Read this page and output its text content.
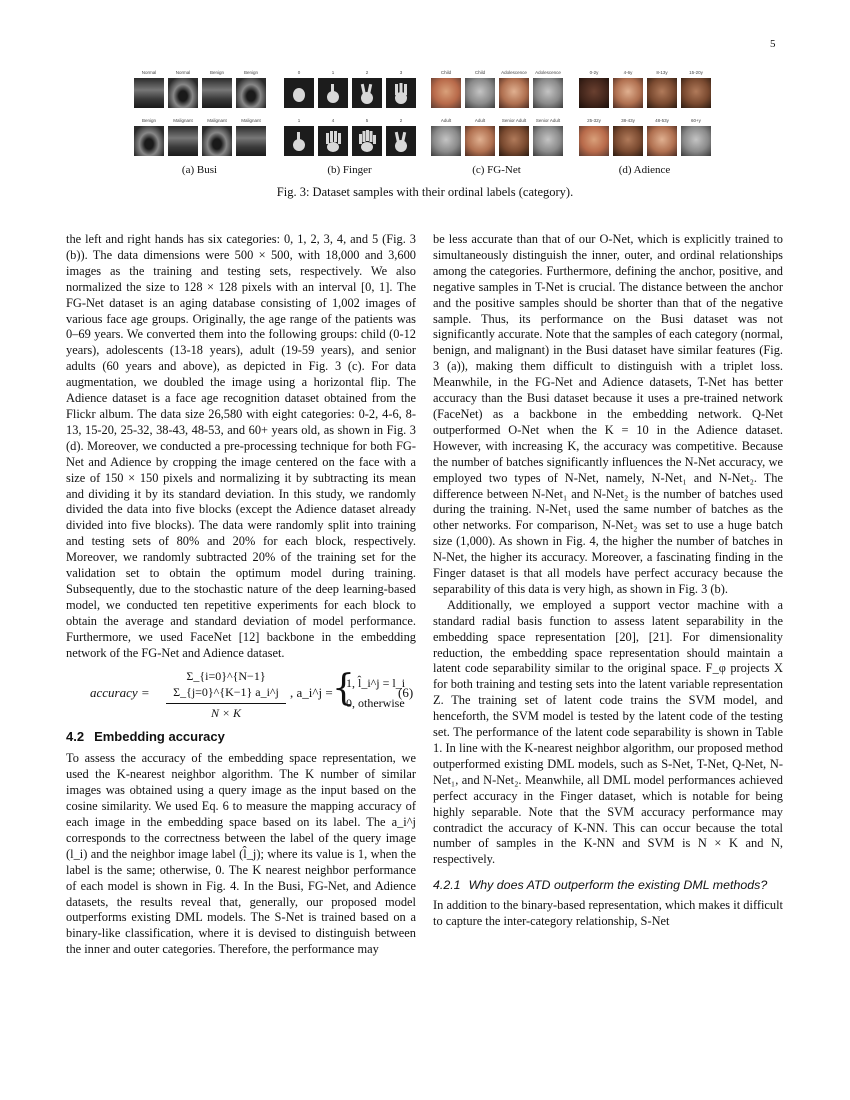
5
Normal	Normal	Benign	Benign
Benign	Malignant	Malignant	Malignant
(a) Busi
0	1	2	3
1	4	5	2
(b) Finger
Child	Child	Adolescence	Adolescence
Adult	Adult	Senior Adult	Senior Adult
(c) FG-Net
0-2y	4-6y	8-13y	15-20y
25-32y	38-43y	48-53y	60+y
(d) Adience
Fig. 3: Dataset samples with their ordinal labels (category).

the left and right hands has six categories: 0, 1, 2, 3, 4, and 5 (Fig. 3 (b)). The data dimensions were 500 × 500, with 18,000 and 3,600 images as the training and testing sets, respectively. We also normalized the size to 128 × 128 pixels with an interval [0, 1]. The FG-Net dataset is an aging database consisting of 1,002 images of various face age groups. Originally, the age range of the patients was 0–69 years. We converted them into the following groups: child (0-12 years), adolescents (13-18 years), adult (19-59 years), and senior adults (60 years and above), as depicted in Fig. 3 (c). For data augmentation, we doubled the image using a horizontal flip. The Adience dataset is a face age recognition dataset obtained from the Flickr album. The data size 26,580 with eight categories: 0-2, 4-6, 8-13, 15-20, 25-32, 38-43, 48-53, and 60+ years old, as shown in Fig. 3 (d). Moreover, we conducted a pre-processing technique for both FG-Net and Adience by cropping the image centered on the face with a size of 150 × 150 pixels and normalizing it by subtracting its mean and dividing it by its standard deviation. In this study, we randomly divided the data into five blocks (except the Adience dataset already divided into five blocks). The data were randomly split into training and testing sets of 80% and 20% for each block, respectively. Moreover, we randomly subtracted 20% of the training set for the validation set to obtain the optimum model during training. Subsequently, due to the stochastic nature of the deep learning-based model, we conducted ten repetitive experiments for each block to obtain the average and standard deviation of model performance. Furthermore, we used FaceNet [12] backbone in the embedding network of the FG-Net and Adience dataset.

accuracy = $\frac{\Sigma\_\{i=0\}\^{}\{N-1\} \Sigma\_\{j=0\}\^{}\{K-1\} a\_i\^{}j}{N \times K}$ , a_i^j = {
1, l̂_i^j = l_i
0, otherwise
(6)
4.2 Embedding accuracy

To assess the accuracy of the embedding space representation, we used the K-nearest neighbor algorithm. The K number of similar images was obtained using a query image as the input based on the cosine similarity. We used Eq. 6 to measure the mapping accuracy of each image in the embedding space based on its label. The a_i^j corresponds to the correctness between the label of the query image (l_i) and the neighbor image label (l̂_j); where its value is 1, when the label is the same; otherwise, 0. The K nearest neighbor performance of each model is shown in Fig. 4. In the Busi, FG-Net, and Adience datasets, the results reveal that, generally, our proposed model outperforms existing DML models. The S-Net is trained based on a binary-like classification, where it is devised to distinguish between the inner and outer categories. Therefore, the performance may

be less accurate than that of our O-Net, which is explicitly trained to simultaneously distinguish the inner, outer, and ordinal relationships among the categories. Furthermore, defining the anchor, positive, and negative samples in T-Net is crucial. The distance between the anchor and the positive samples should be shorter than that of the negative sample. Thus, its performance on the Busi dataset was not significantly accurate. Note that the samples of each category (normal, benign, and malignant) in the Busi dataset have similar features (Fig. 3 (a)), making them difficult to distinguish with a triplet loss. Meanwhile, in the FG-Net and Adience datasets, T-Net has better accuracy than the Busi dataset because it uses a pre-trained network (FaceNet) as a backbone in the embedding network. Q-Net outperformed O-Net when the K = 10 in the Adience dataset. However, with increasing K, the accuracy was competitive. Because the number of batches significantly influences the N-Net accuracy, we employed two types of N-Net, namely, N-Net₁ and N-Net₂. The difference between N-Net₁ and N-Net₂ is the number of batches used during the training. N-Net₁ used the same number of batches as the other networks. For comparison, N-Net₂ was set to use a huge batch size (1,000). As shown in Fig. 4, the higher the number of batches in N-Net, the higher its accuracy. Moreover, a fascinating finding in the Finger dataset is that all models have perfect accuracy because the separability of this data is very high, as shown in Fig. 3 (b).

Additionally, we employed a support vector machine with a standard radial basis function to assess latent separability in the embedding space representation [20], [21]. For dimensionality reduction, the embedding space representation should maintain a latent code separability similar to the original space. F_φ projects X for both training and testing sets into the latent variable representation Z. The training set of latent code trains the SVM model, and henceforth, the SVM model is tested by the latent code of the testing set. The performance of the latent code separability is shown in Table 1. In line with the K-nearest neighbor algorithm, our proposed method outperformed existing DML models, such as S-Net, T-Net, Q-Net, N-Net₁, and N-Net₂. Meanwhile, all DML model performances achieved perfect accuracy in the Finger dataset, which is notable for being highly separable. Note that the SVM accuracy performance may contradict the accuracy of K-NN. This can occur because the total number of samples in the K-NN and SVM is N × K and N, respectively.

4.2.1 Why does ATD outperform the existing DML methods?

In addition to the binary-based representation, which makes it difficult to capture the inter-category relationship, S-Net
